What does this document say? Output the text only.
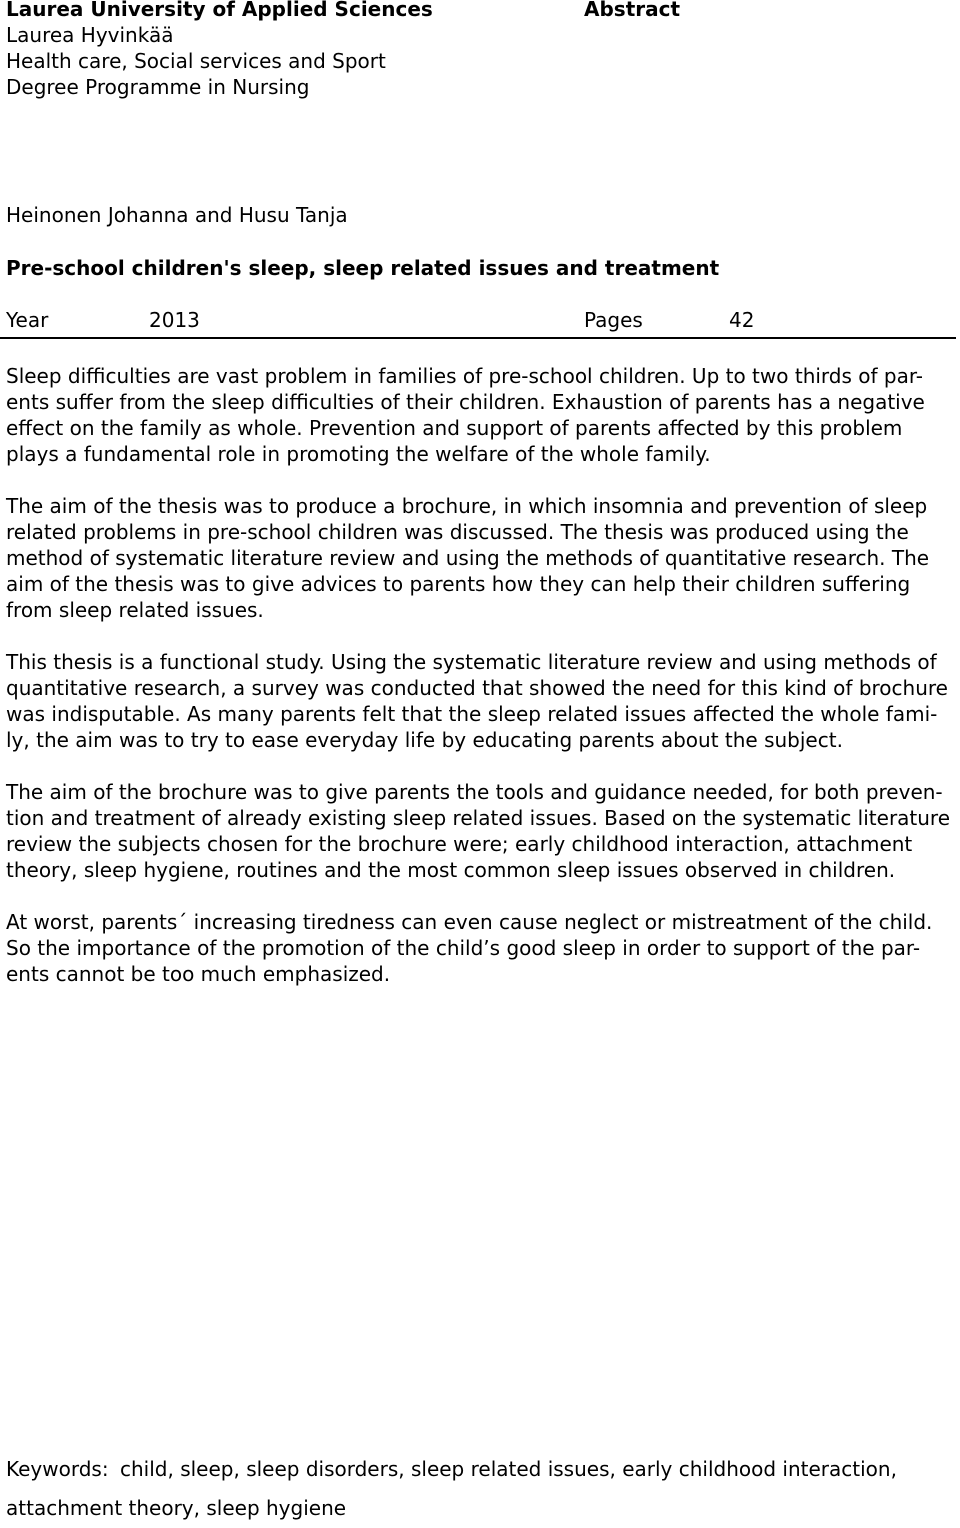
Laurea University of Applied Sciences
Laurea Hyvinkää
Health care, Social services and Sport
Degree Programme in Nursing
Abstract
Heinonen Johanna and Husu Tanja
Pre-school children's sleep, sleep related issues and treatment
Year	2013	Pages	42

Sleep difficulties are vast problem in families of pre-school children. Up to two thirds of par-
ents suffer from the sleep difficulties of their children. Exhaustion of parents has a negative
effect on the family as whole. Prevention and support of parents affected by this problem
plays a fundamental role in promoting the welfare of the whole family.

The aim of the thesis was to produce a brochure, in which insomnia and prevention of sleep
related problems in pre-school children was discussed. The thesis was produced using the
method of systematic literature review and using the methods of quantitative research. The
aim of the thesis was to give advices to parents how they can help their children suffering
from sleep related issues.

This thesis is a functional study. Using the systematic literature review and using methods of
quantitative research, a survey was conducted that showed the need for this kind of brochure
was indisputable. As many parents felt that the sleep related issues affected the whole fami-
ly, the aim was to try to ease everyday life by educating parents about the subject.

The aim of the brochure was to give parents the tools and guidance needed, for both preven-
tion and treatment of already existing sleep related issues. Based on the systematic literature
review the subjects chosen for the brochure were; early childhood interaction, attachment
theory, sleep hygiene, routines and the most common sleep issues observed in children.

At worst, parents´ increasing tiredness can even cause neglect or mistreatment of the child.
So the importance of the promotion of the child’s good sleep in order to support of the par-
ents cannot be too much emphasized.

Keywords: child, sleep, sleep disorders, sleep related issues, early childhood interaction,
attachment theory, sleep hygiene
